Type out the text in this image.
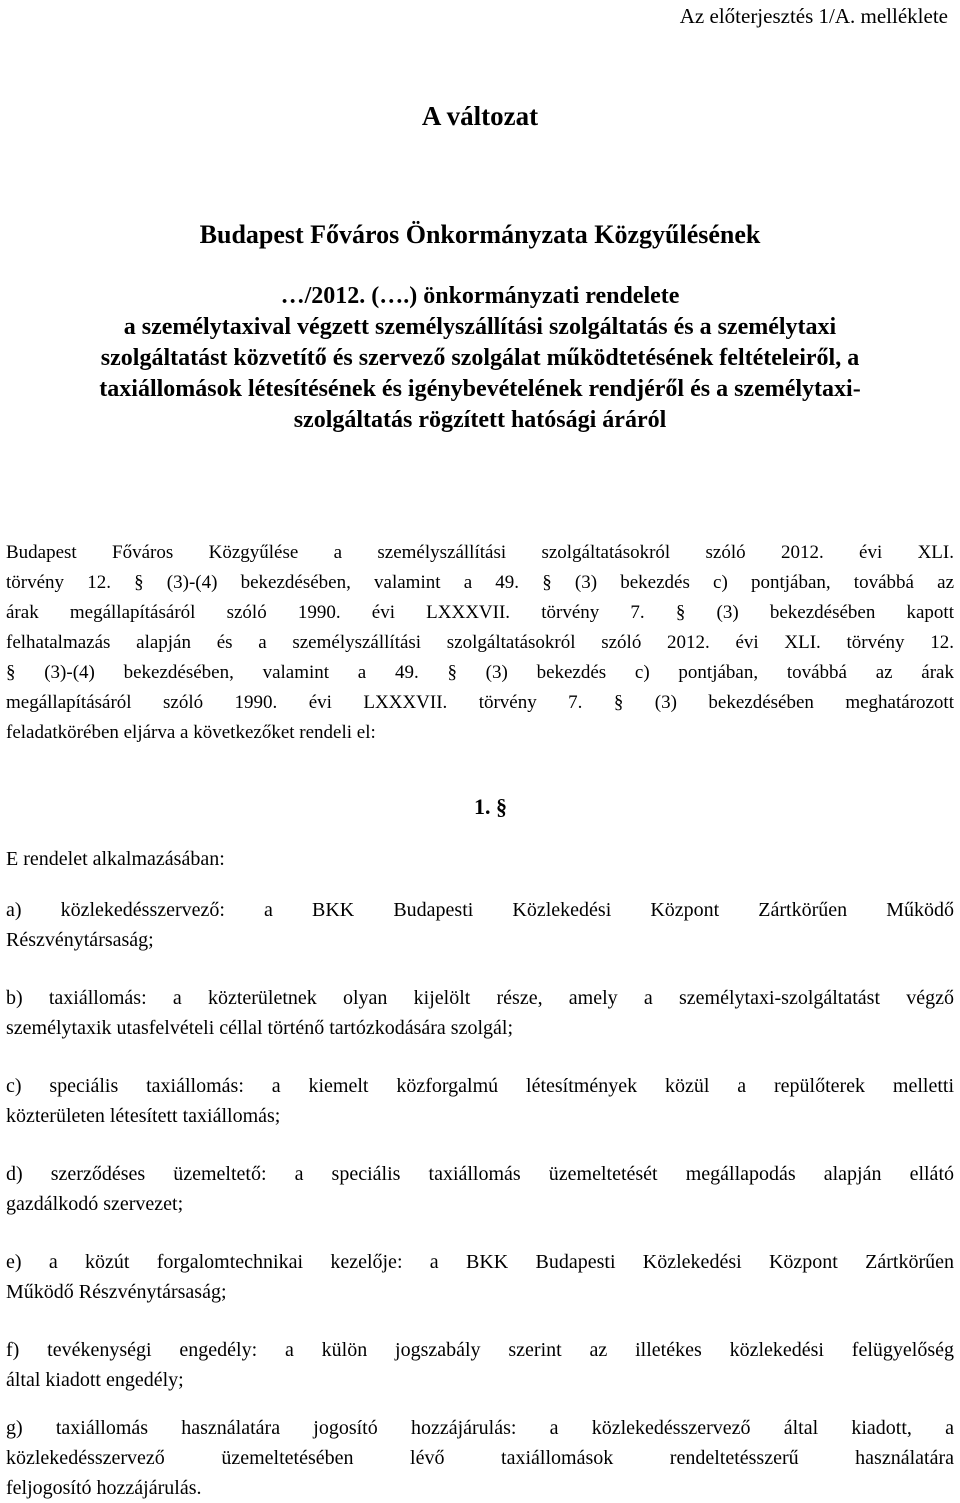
Az előterjesztés 1/A. melléklete
A változat
Budapest Főváros Önkormányzata Közgyűlésének
…/2012. (….) önkormányzati rendelete
a személytaxival végzett személyszállítási szolgáltatás és a személytaxi
szolgáltatást közvetítő és szervező szolgálat működtetésének feltételeiről, a
taxiállomások létesítésének és igénybevételének rendjéről és a személytaxi-
szolgáltatás rögzített hatósági áráról
Budapest Főváros Közgyűlése a személyszállítási szolgáltatásokról szóló 2012. évi XLI.
törvény 12. § (3)-(4) bekezdésében, valamint a 49. § (3) bekezdés c) pontjában, továbbá az
árak megállapításáról szóló 1990. évi LXXXVII. törvény 7. § (3) bekezdésében kapott
felhatalmazás alapján és a személyszállítási szolgáltatásokról szóló 2012. évi XLI. törvény 12.
§ (3)-(4) bekezdésében, valamint a 49. § (3) bekezdés c) pontjában, továbbá az árak
megállapításáról szóló 1990. évi LXXXVII. törvény 7. § (3) bekezdésében meghatározott
feladatkörében eljárva a következőket rendeli el:
1. §
E rendelet alkalmazásában:
a) közlekedésszervező: a BKK Budapesti Közlekedési Központ Zártkörűen Működő
Részvénytársaság;
b) taxiállomás: a közterületnek olyan kijelölt része, amely a személytaxi-szolgáltatást végző
személytaxik utasfelvételi céllal történő tartózkodására szolgál;
c) speciális taxiállomás: a kiemelt közforgalmú létesítmények közül a repülőterek melletti
közterületen létesített taxiállomás;
d) szerződéses üzemeltető: a speciális taxiállomás üzemeltetését megállapodás alapján ellátó
gazdálkodó szervezet;
e) a közút forgalomtechnikai kezelője: a BKK Budapesti Közlekedési Központ Zártkörűen
Működő Részvénytársaság;
f) tevékenységi engedély: a külön jogszabály szerint az illetékes közlekedési felügyelőség
által kiadott engedély;
g) taxiállomás használatára jogosító hozzájárulás: a közlekedésszervező által kiadott, a
közlekedésszervező üzemeltetésében lévő taxiállomások rendeltetésszerű használatára
feljogosító hozzájárulás.
